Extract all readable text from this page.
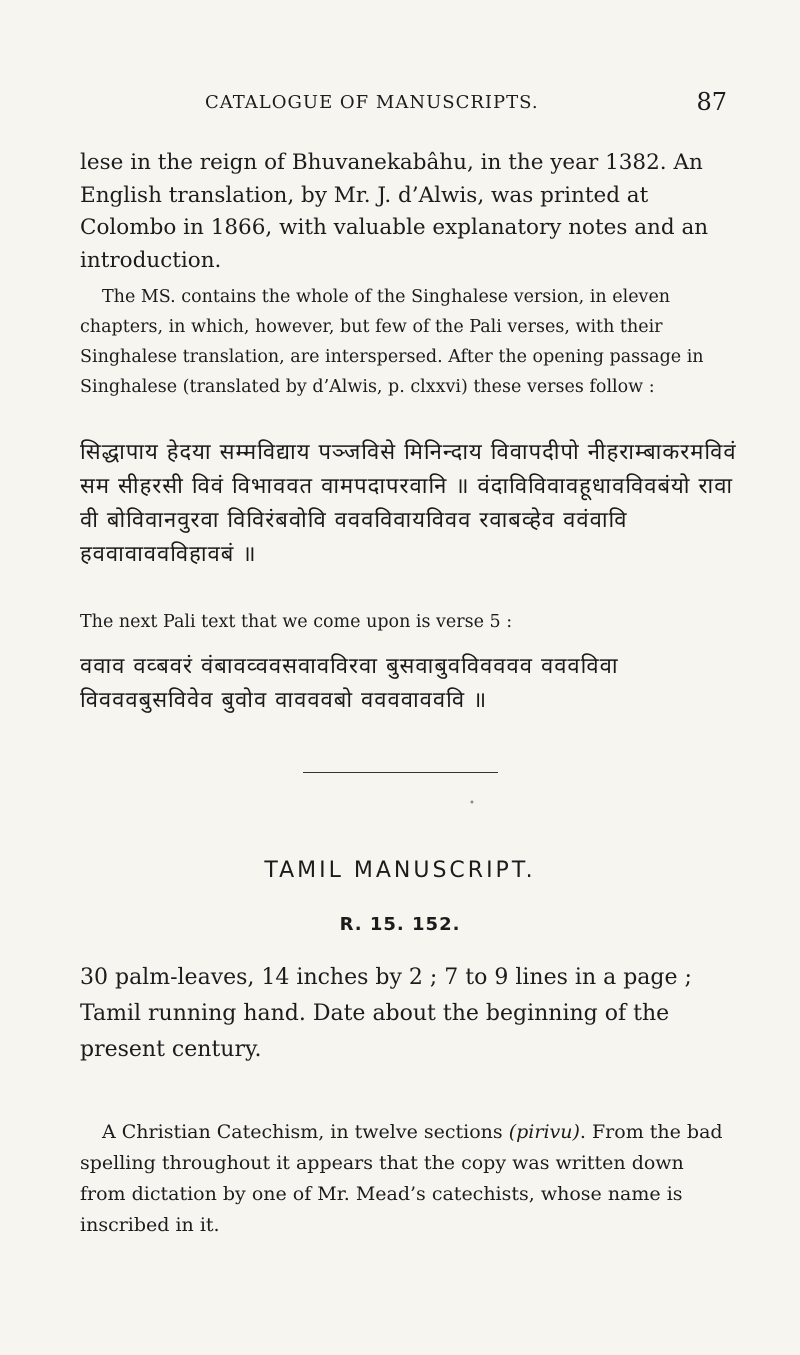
CATALOGUE OF MANUSCRIPTS.	87

lese in the reign of Bhuvanekabâhu, in the year 1382. An English translation, by Mr. J. d’Alwis, was printed at Colombo in 1866, with valuable explanatory notes and an introduction.

The MS. contains the whole of the Singhalese version, in eleven chapters, in which, however, but few of the Pali verses, with their Singhalese translation, are interspersed. After the opening passage in Singhalese (translated by d’Alwis, p. clxxvi) these verses follow :

सिद्धापाय हेदया सम्मविद्याय पञ्जविसे मिनिन्दाय विवापदीपो नीहराम्बाकरमविवं सम सीहरसी विवं विभाववत वामपदापरवानि ॥ वंदाविविवावहूधावविवबंयो रावा वी बोविवानवुरवा विविरंबवोवि वववविवायविवव रवाबव्हेव ववंवावि हववावाववविहावबं ॥

The next Pali text that we come upon is verse 5 :

ववाव वव्बवरं वंबावव्ववसवावविरवा बुसवाबुवविवववव वववविवा विवववबुसविवेव बुवोव वावववबो ववववावववि ॥

•
TAMIL MANUSCRIPT.
R. 15. 152.

30 palm-leaves, 14 inches by 2 ; 7 to 9 lines in a page ; Tamil running hand. Date about the beginning of the present century.

A Christian Catechism, in twelve sections (pirivu). From the bad spelling throughout it appears that the copy was written down from dictation by one of Mr. Mead’s catechists, whose name is inscribed in it.
